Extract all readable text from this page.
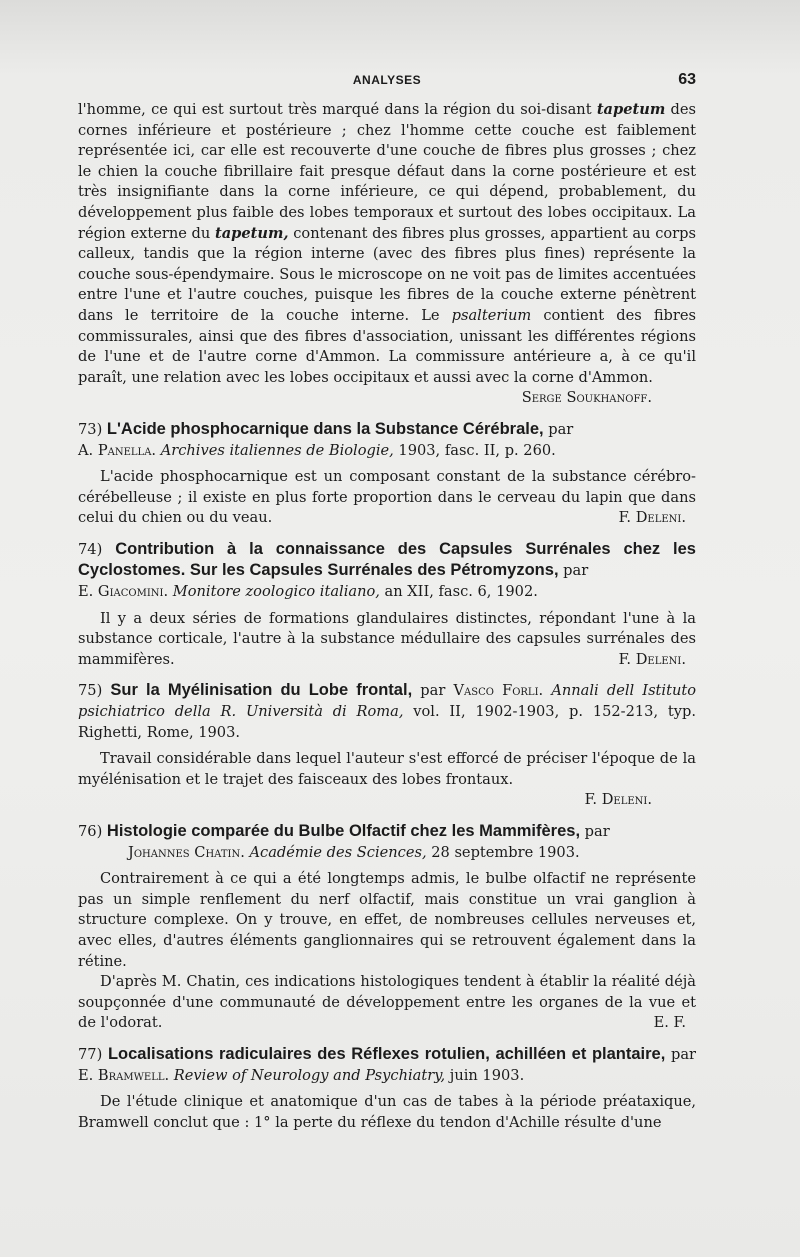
ANALYSES	63

l'homme, ce qui est surtout très marqué dans la région du soi-disant tapetum des cornes inférieure et postérieure ; chez l'homme cette couche est faiblement représentée ici, car elle est recouverte d'une couche de fibres plus grosses ; chez le chien la couche fibrillaire fait presque défaut dans la corne postérieure et est très insignifiante dans la corne inférieure, ce qui dépend, probablement, du développement plus faible des lobes temporaux et surtout des lobes occipitaux. La région externe du tapetum, contenant des fibres plus grosses, appartient au corps calleux, tandis que la région interne (avec des fibres plus fines) représente la couche sous-épendymaire. Sous le microscope on ne voit pas de limites accentuées entre l'une et l'autre couches, puisque les fibres de la couche externe pénètrent dans le territoire de la couche interne. Le psalterium contient des fibres commissurales, ainsi que des fibres d'association, unissant les différentes régions de l'une et de l'autre corne d'Ammon. La commissure antérieure a, à ce qu'il paraît, une relation avec les lobes occipitaux et aussi avec la corne d'Ammon.

Serge Soukhanoff.

73) L'Acide phosphocarnique dans la Substance Cérébrale, par
A. Panella. Archives italiennes de Biologie, 1903, fasc. II, p. 260.

L'acide phosphocarnique est un composant constant de la substance cérébro-cérébelleuse ; il existe en plus forte proportion dans le cerveau du lapin que dans celui du chien ou du veau.	F. Deleni.

74) Contribution à la connaissance des Capsules Surrénales chez les Cyclostomes. Sur les Capsules Surrénales des Pétromyzons, par
E. Giacomini. Monitore zoologico italiano, an XII, fasc. 6, 1902.

Il y a deux séries de formations glandulaires distinctes, répondant l'une à la substance corticale, l'autre à la substance médullaire des capsules surrénales des mammifères.	F. Deleni.

75) Sur la Myélinisation du Lobe frontal, par Vasco Forli. Annali dell Istituto psichiatrico della R. Università di Roma, vol. II, 1902-1903, p. 152-213, typ. Righetti, Rome, 1903.

Travail considérable dans lequel l'auteur s'est efforcé de préciser l'époque de la myélénisation et le trajet des faisceaux des lobes frontaux.

F. Deleni.

76) Histologie comparée du Bulbe Olfactif chez les Mammifères, par
Johannes Chatin. Académie des Sciences, 28 septembre 1903.

Contrairement à ce qui a été longtemps admis, le bulbe olfactif ne représente pas un simple renflement du nerf olfactif, mais constitue un vrai ganglion à structure complexe. On y trouve, en effet, de nombreuses cellules nerveuses et, avec elles, d'autres éléments ganglionnaires qui se retrouvent également dans la rétine.

D'après M. Chatin, ces indications histologiques tendent à établir la réalité déjà soupçonnée d'une communauté de développement entre les organes de la vue et de l'odorat.	E. F.

77) Localisations radiculaires des Réflexes rotulien, achilléen et plantaire, par E. Bramwell. Review of Neurology and Psychiatry, juin 1903.

De l'étude clinique et anatomique d'un cas de tabes à la période préataxique, Bramwell conclut que : 1° la perte du réflexe du tendon d'Achille résulte d'une
